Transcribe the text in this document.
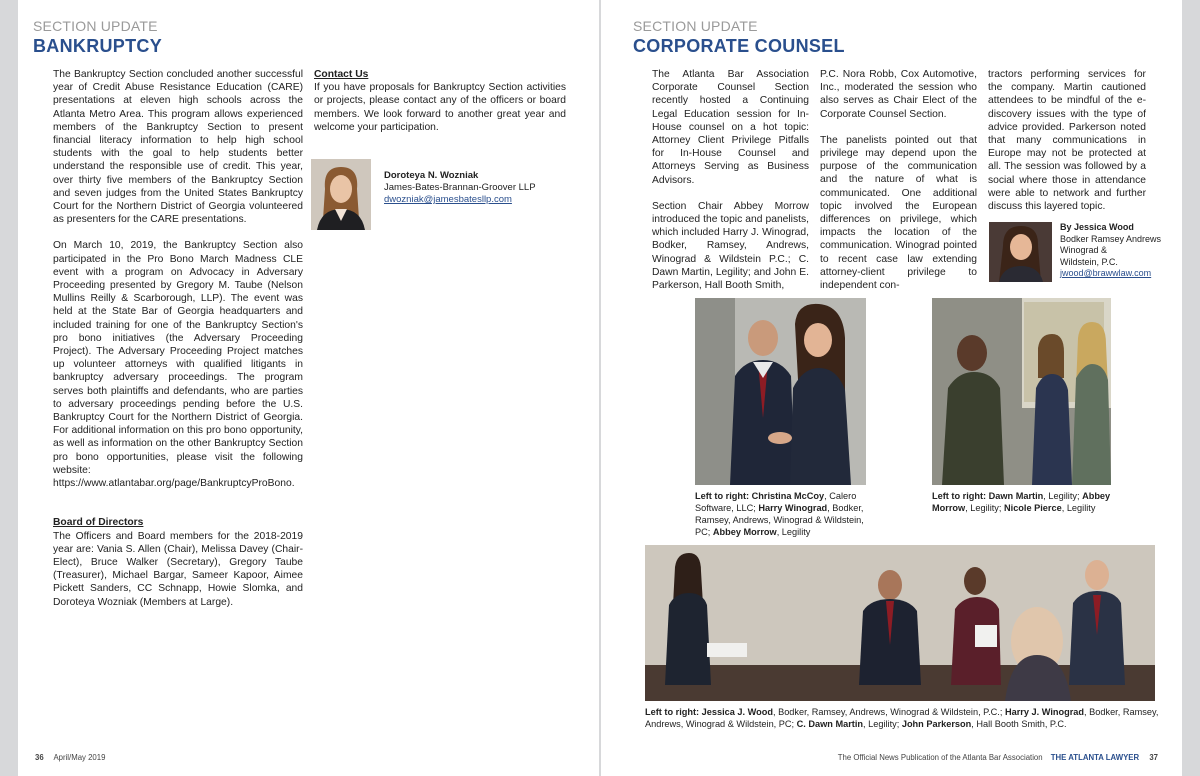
SECTION UPDATE
BANKRUPTCY

The Bankruptcy Section concluded another successful year of Credit Abuse Resistance Education (CARE) presentations at eleven high schools across the Atlanta Metro Area. This program allows experienced members of the Bankruptcy Section to present financial literacy information to help high school students with the goal to help students better understand the responsible use of credit. This year, over thirty five members of the Bankruptcy Section and seven judges from the United States Bankruptcy Court for the Northern District of Georgia volunteered as presenters for the CARE presentations.

On March 10, 2019, the Bankruptcy Section also participated in the Pro Bono March Madness CLE event with a program on Advocacy in Adversary Proceeding presented by Gregory M. Taube (Nelson Mullins Reilly & Scarborough, LLP). The event was held at the State Bar of Georgia headquarters and included training for one of the Bankruptcy Section's pro bono initiatives (the Adversary Proceeding Project). The Adversary Proceeding Project matches up volunteer attorneys with qualified litigants in bankruptcy adversary proceedings. The program serves both plaintiffs and defendants, who are parties to adversary proceedings pending before the U.S. Bankruptcy Court for the Northern District of Georgia. For additional information on this pro bono opportunity, as well as information on the other Bankruptcy Section pro bono opportunities, please visit the following website: https://www.atlantabar.org/page/BankruptcyProBono.

Board of Directors

The Officers and Board members for the 2018-2019 year are: Vania S. Allen (Chair), Melissa Davey (Chair-Elect), Bruce Walker (Secretary), Gregory Taube (Treasurer), Michael Bargar, Sameer Kapoor, Aimee Pickett Sanders, CC Schnapp, Howie Slomka, and Doroteya Wozniak (Members at Large).

Contact Us

If you have proposals for Bankruptcy Section activities or projects, please contact any of the officers or board members. We look forward to another great year and welcome your participation.

Doroteya N. Wozniak
James-Bates-Brannan-Groover LLP
dwozniak@jamesbatesllp.com
36 April/May 2019
SECTION UPDATE
CORPORATE COUNSEL

The Atlanta Bar Association Corporate Counsel Section recently hosted a Continuing Legal Education session for In-House counsel on a hot topic: Attorney Client Privilege Pitfalls for In-House Counsel and Attorneys Serving as Business Advisors.

Section Chair Abbey Morrow introduced the topic and panelists, which included Harry J. Winograd, Bodker, Ramsey, Andrews, Winograd & Wildstein P.C.; C. Dawn Martin, Legility; and John E. Parkerson, Hall Booth Smith,

P.C. Nora Robb, Cox Automotive, Inc., moderated the session who also serves as Chair Elect of the Corporate Counsel Section.

The panelists pointed out that privilege may depend upon the purpose of the communication and the nature of what is communicated. One additional topic involved the European differences on privilege, which impacts the location of the communication. Winograd pointed to recent case law extending attorney-client privilege to independent con-

tractors performing services for the company. Martin cautioned attendees to be mindful of the e-discovery issues with the type of advice provided. Parkerson noted that many communications in Europe may not be protected at all. The session was followed by a social where those in attendance were able to network and further discuss this layered topic.

By Jessica Wood
Bodker Ramsey Andrews
Winograd &
Wildstein, P.C.
jwood@brawwlaw.com
Left to right: Christina McCoy, Calero Software, LLC; Harry Winograd, Bodker, Ramsey, Andrews, Winograd & Wildstein, PC; Abbey Morrow, Legility
Left to right: Dawn Martin, Legility; Abbey Morrow, Legility; Nicole Pierce, Legility
Left to right: Jessica J. Wood, Bodker, Ramsey, Andrews, Winograd & Wildstein, P.C.; Harry J. Winograd, Bodker, Ramsey, Andrews, Winograd & Wildstein, PC; C. Dawn Martin, Legility; John Parkerson, Hall Booth Smith, P.C.
The Official News Publication of the Atlanta Bar Association THE ATLANTA LAWYER 37
